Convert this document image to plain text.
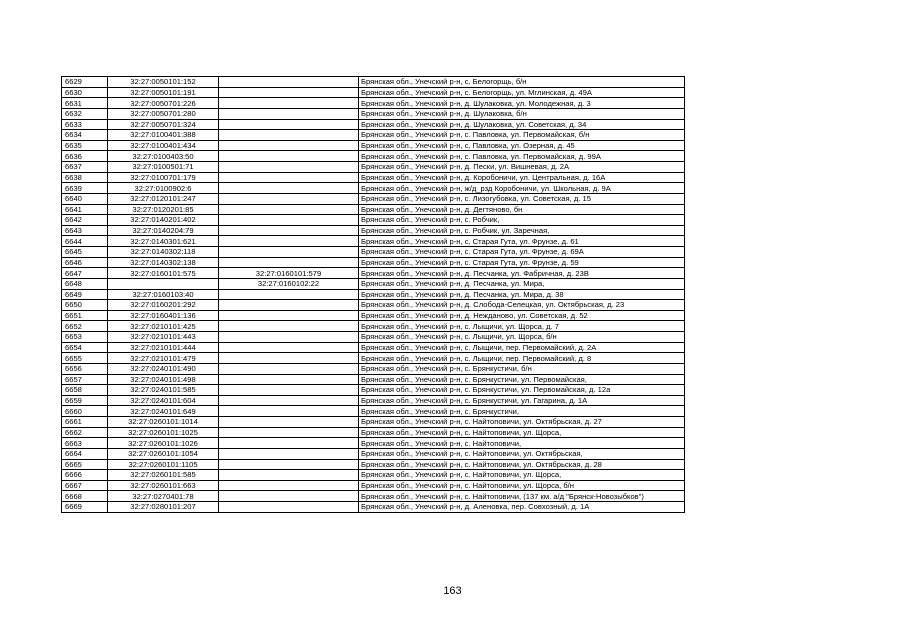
6629	32:27:0050101:152		Брянская обл., Унечский р-н, с. Белогорщь, б/н
6630	32:27:0050101:191		Брянская обл., Унечский р-н, с. Белогорщь, ул. Мглинская, д. 49А
6631	32:27:0050701:226		Брянская обл., Унечский р-н, д. Шулаковка, ул. Молодежная, д. 3
6632	32:27:0050701:280		Брянская обл., Унечский р-н, д. Шулаковка, б/н
6633	32:27:0050701:324		Брянская обл., Унечский р-н, д. Шулаковка, ул. Советская, д. 34
6634	32:27:0100401:388		Брянская обл., Унечский р-н, с. Павловка, ул. Первомайская, б/н
6635	32:27:0100401:434		Брянская обл., Унечский р-н, с. Павловка, ул. Озерная, д. 45
6636	32:27:0100403:50		Брянская обл., Унечский р-н, с. Павловка, ул. Первомайская, д. 99А
6637	32:27:0100501:71		Брянская обл., Унечский р-н, д. Пески, ул. Вишневая, д. 2А
6638	32:27:0100701:179		Брянская обл., Унечский р-н, д. Коробоничи, ул. Центральная, д. 16А
6639	32:27:0100902:6		Брянская обл., Унечский р-н, ж/д_рзд Коробоничи, ул. Школьная, д. 9А
6640	32:27:0120101:247		Брянская обл., Унечский р-н, с. Лизогубовка, ул. Советская, д. 15
6641	32:27:0120201:85		Брянская обл., Унечский р-н, д. Дегтяново, бн
6642	32:27:0140201:402		Брянская обл., Унечский р-н, с. Робчик,
6643	32:27:0140204:79		Брянская обл., Унечский р-н, с. Робчик, ул. Заречная,
6644	32:27:0140301:621		Брянская обл., Унечский р-н, с. Старая Гута, ул. Фрунзе, д. 61
6645	32:27:0140302:118		Брянская обл., Унечский р-н, с. Старая Гута, ул. Фрунзе, д. 69А
6646	32:27:0140302:138		Брянская обл., Унечский р-н, с. Старая Гута, ул. Фрунзе, д. 59
6647	32:27:0160101:575	32:27:0160101:579	Брянская обл., Унечский р-н, д. Песчанка, ул. Фабричная, д. 23В
6648		32:27:0160102:22	Брянская обл., Унечский р-н, д. Песчанка, ул. Мира,
6649	32:27:0160103:40		Брянская обл., Унечский р-н, д. Песчанка, ул. Мира, д. 38
6650	32:27:0160201:292		Брянская обл., Унечский р-н, д. Слобода-Селецкая, ул. Октябрьская, д. 23
6651	32:27:0160401:136		Брянская обл., Унечский р-н, д. Неждановo, ул. Советская, д. 52
6652	32:27:0210101:425		Брянская обл., Унечский р-н, с. Лыщичи, ул. Щорса, д. 7
6653	32:27:0210101:443		Брянская обл., Унечский р-н, с. Лыщичи, ул. Щорса, б/н
6654	32:27:0210101:444		Брянская обл., Унечский р-н, с. Лыщичи, пер. Первомайский, д. 2А
6655	32:27:0210101:479		Брянская обл., Унечский р-н, с. Лыщичи, пер. Первомайский, д. 8
6656	32:27:0240101:490		Брянская обл., Унечский р-н, с. Брянкустичи, б/н
6657	32:27:0240101:498		Брянская обл., Унечский р-н, с. Брянкустичи, ул. Первомайская,
6658	32:27:0240101:585		Брянская обл., Унечский р-н, с. Брянкустичи, ул. Первомайская, д. 12а
6659	32:27:0240101:604		Брянская обл., Унечский р-н, с. Брянкустичи, ул. Гагарина, д. 1А
6660	32:27:0240101:649		Брянская обл., Унечский р-н, с. Брянкустичи,
6661	32:27:0260101:1014		Брянская обл., Унечский р-н, с. Найтоповичи, ул. Октябрьская, д. 27
6662	32:27:0260101:1025		Брянская обл., Унечский р-н, с. Найтоповичи, ул. Щорса,
6663	32:27:0260101:1026		Брянская обл., Унечский р-н, с. Найтоповичи,
6664	32:27:0260101:1054		Брянская обл., Унечский р-н, с. Найтоповичи, ул. Октябрьская,
6665	32:27:0260101:1105		Брянская обл., Унечский р-н, с. Найтоповичи, ул. Октябрьская, д. 28
6666	32:27:0260101:585		Брянская обл., Унечский р-н, с. Найтоповичи, ул. Щорса,
6667	32:27:0260101:663		Брянская обл., Унечский р-н, с. Найтоповичи, ул. Щорса, б/н
6668	32:27:0270401:78		Брянская обл., Унечский р-н, с. Найтоповичи, (137 км. а/д "Брянск-Новозыбков")
6669	32:27:0280101:207		Брянская обл., Унечский р-н, д. Аленовка, пер. Совхозный, д. 1А
163
